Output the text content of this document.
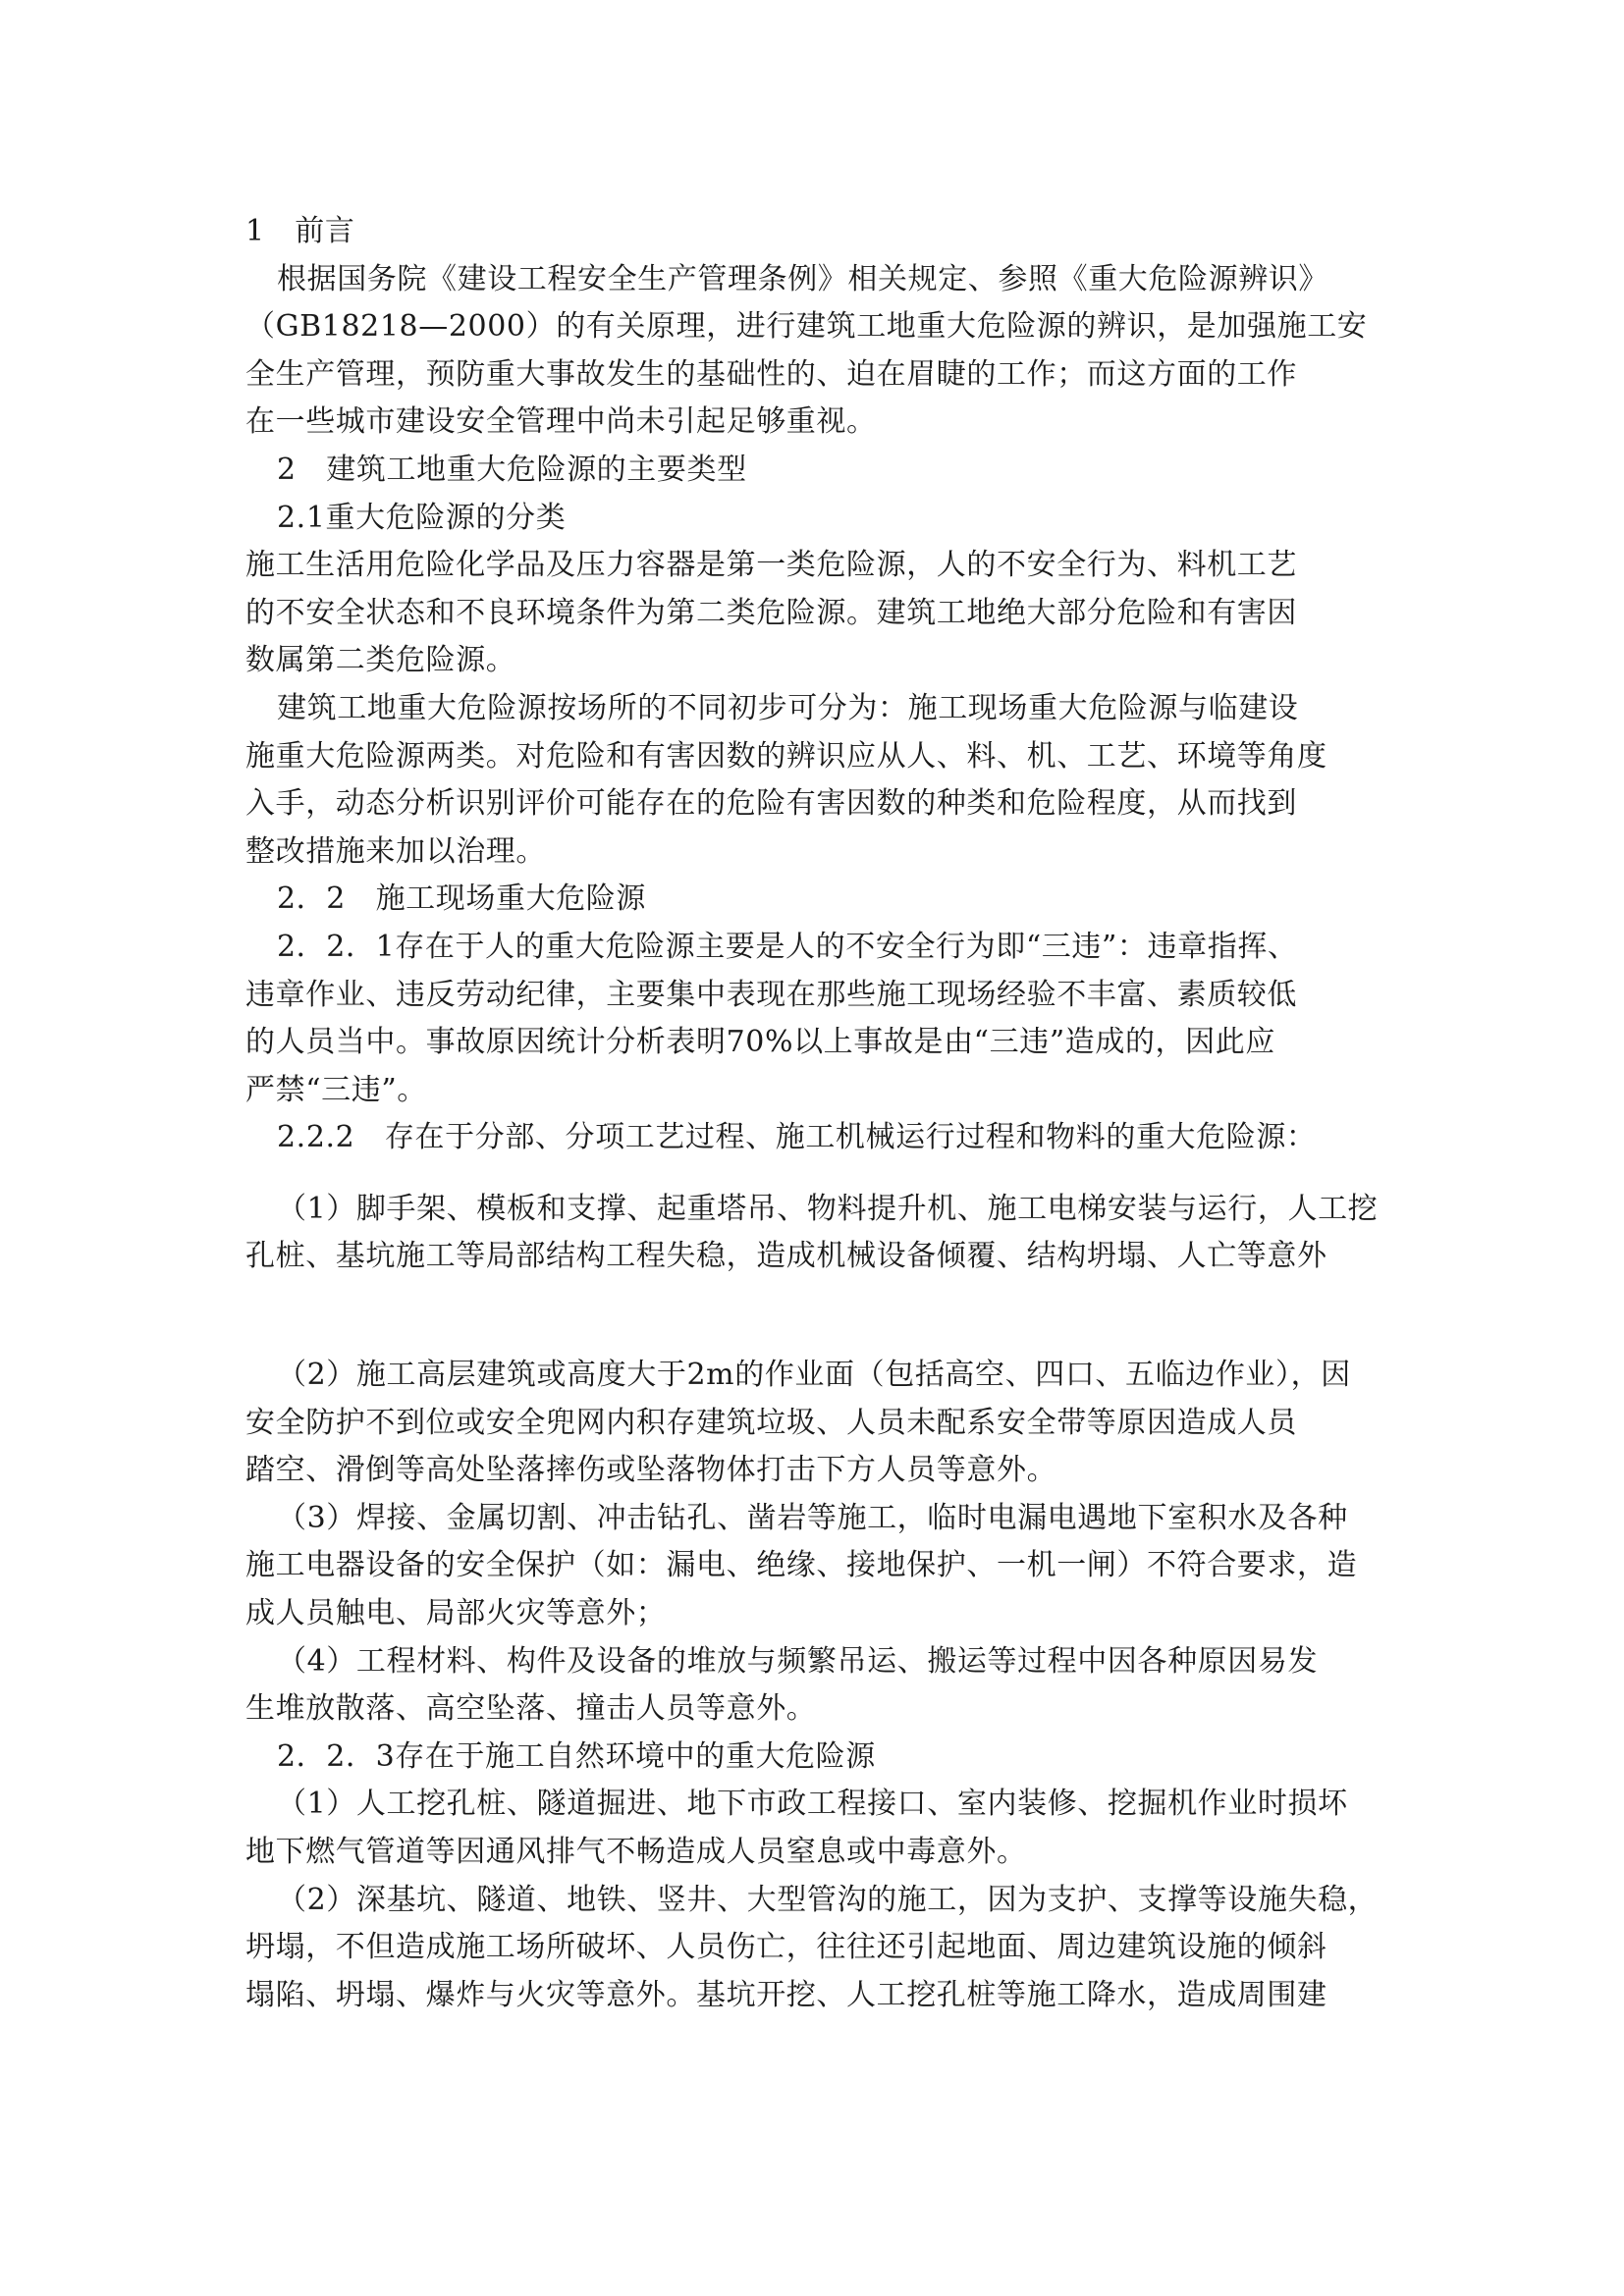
1　前言
根据国务院《建设工程安全生产管理条例》相关规定、参照《重大危险源辨识》
（GB18218—2000）的有关原理，进行建筑工地重大危险源的辨识，是加强施工安
全生产管理，预防重大事故发生的基础性的、迫在眉睫的工作；而这方面的工作
在一些城市建设安全管理中尚未引起足够重视。
2　建筑工地重大危险源的主要类型
2.1重大危险源的分类
施工生活用危险化学品及压力容器是第一类危险源，人的不安全行为、料机工艺
的不安全状态和不良环境条件为第二类危险源。建筑工地绝大部分危险和有害因
数属第二类危险源。
建筑工地重大危险源按场所的不同初步可分为：施工现场重大危险源与临建设
施重大危险源两类。对危险和有害因数的辨识应从人、料、机、工艺、环境等角度
入手，动态分析识别评价可能存在的危险有害因数的种类和危险程度，从而找到
整改措施来加以治理。
2．2　施工现场重大危险源
2．2．1存在于人的重大危险源主要是人的不安全行为即“三违”：违章指挥、
违章作业、违反劳动纪律，主要集中表现在那些施工现场经验不丰富、素质较低
的人员当中。事故原因统计分析表明70%以上事故是由“三违”造成的，因此应
严禁“三违”。
2.2.2　存在于分部、分项工艺过程、施工机械运行过程和物料的重大危险源：
（1）脚手架、模板和支撑、起重塔吊、物料提升机、施工电梯安装与运行，人工挖
孔桩、基坑施工等局部结构工程失稳，造成机械设备倾覆、结构坍塌、人亡等意外
（2）施工高层建筑或高度大于2m的作业面（包括高空、四口、五临边作业），因
安全防护不到位或安全兜网内积存建筑垃圾、人员未配系安全带等原因造成人员
踏空、滑倒等高处坠落摔伤或坠落物体打击下方人员等意外。
（3）焊接、金属切割、冲击钻孔、凿岩等施工，临时电漏电遇地下室积水及各种
施工电器设备的安全保护（如：漏电、绝缘、接地保护、一机一闸）不符合要求，造
成人员触电、局部火灾等意外；
（4）工程材料、构件及设备的堆放与频繁吊运、搬运等过程中因各种原因易发
生堆放散落、高空坠落、撞击人员等意外。
2．2．3存在于施工自然环境中的重大危险源
（1）人工挖孔桩、隧道掘进、地下市政工程接口、室内装修、挖掘机作业时损坏
地下燃气管道等因通风排气不畅造成人员窒息或中毒意外。
（2）深基坑、隧道、地铁、竖井、大型管沟的施工，因为支护、支撑等设施失稳，
坍塌，不但造成施工场所破坏、人员伤亡，往往还引起地面、周边建筑设施的倾斜
塌陷、坍塌、爆炸与火灾等意外。基坑开挖、人工挖孔桩等施工降水，造成周围建
